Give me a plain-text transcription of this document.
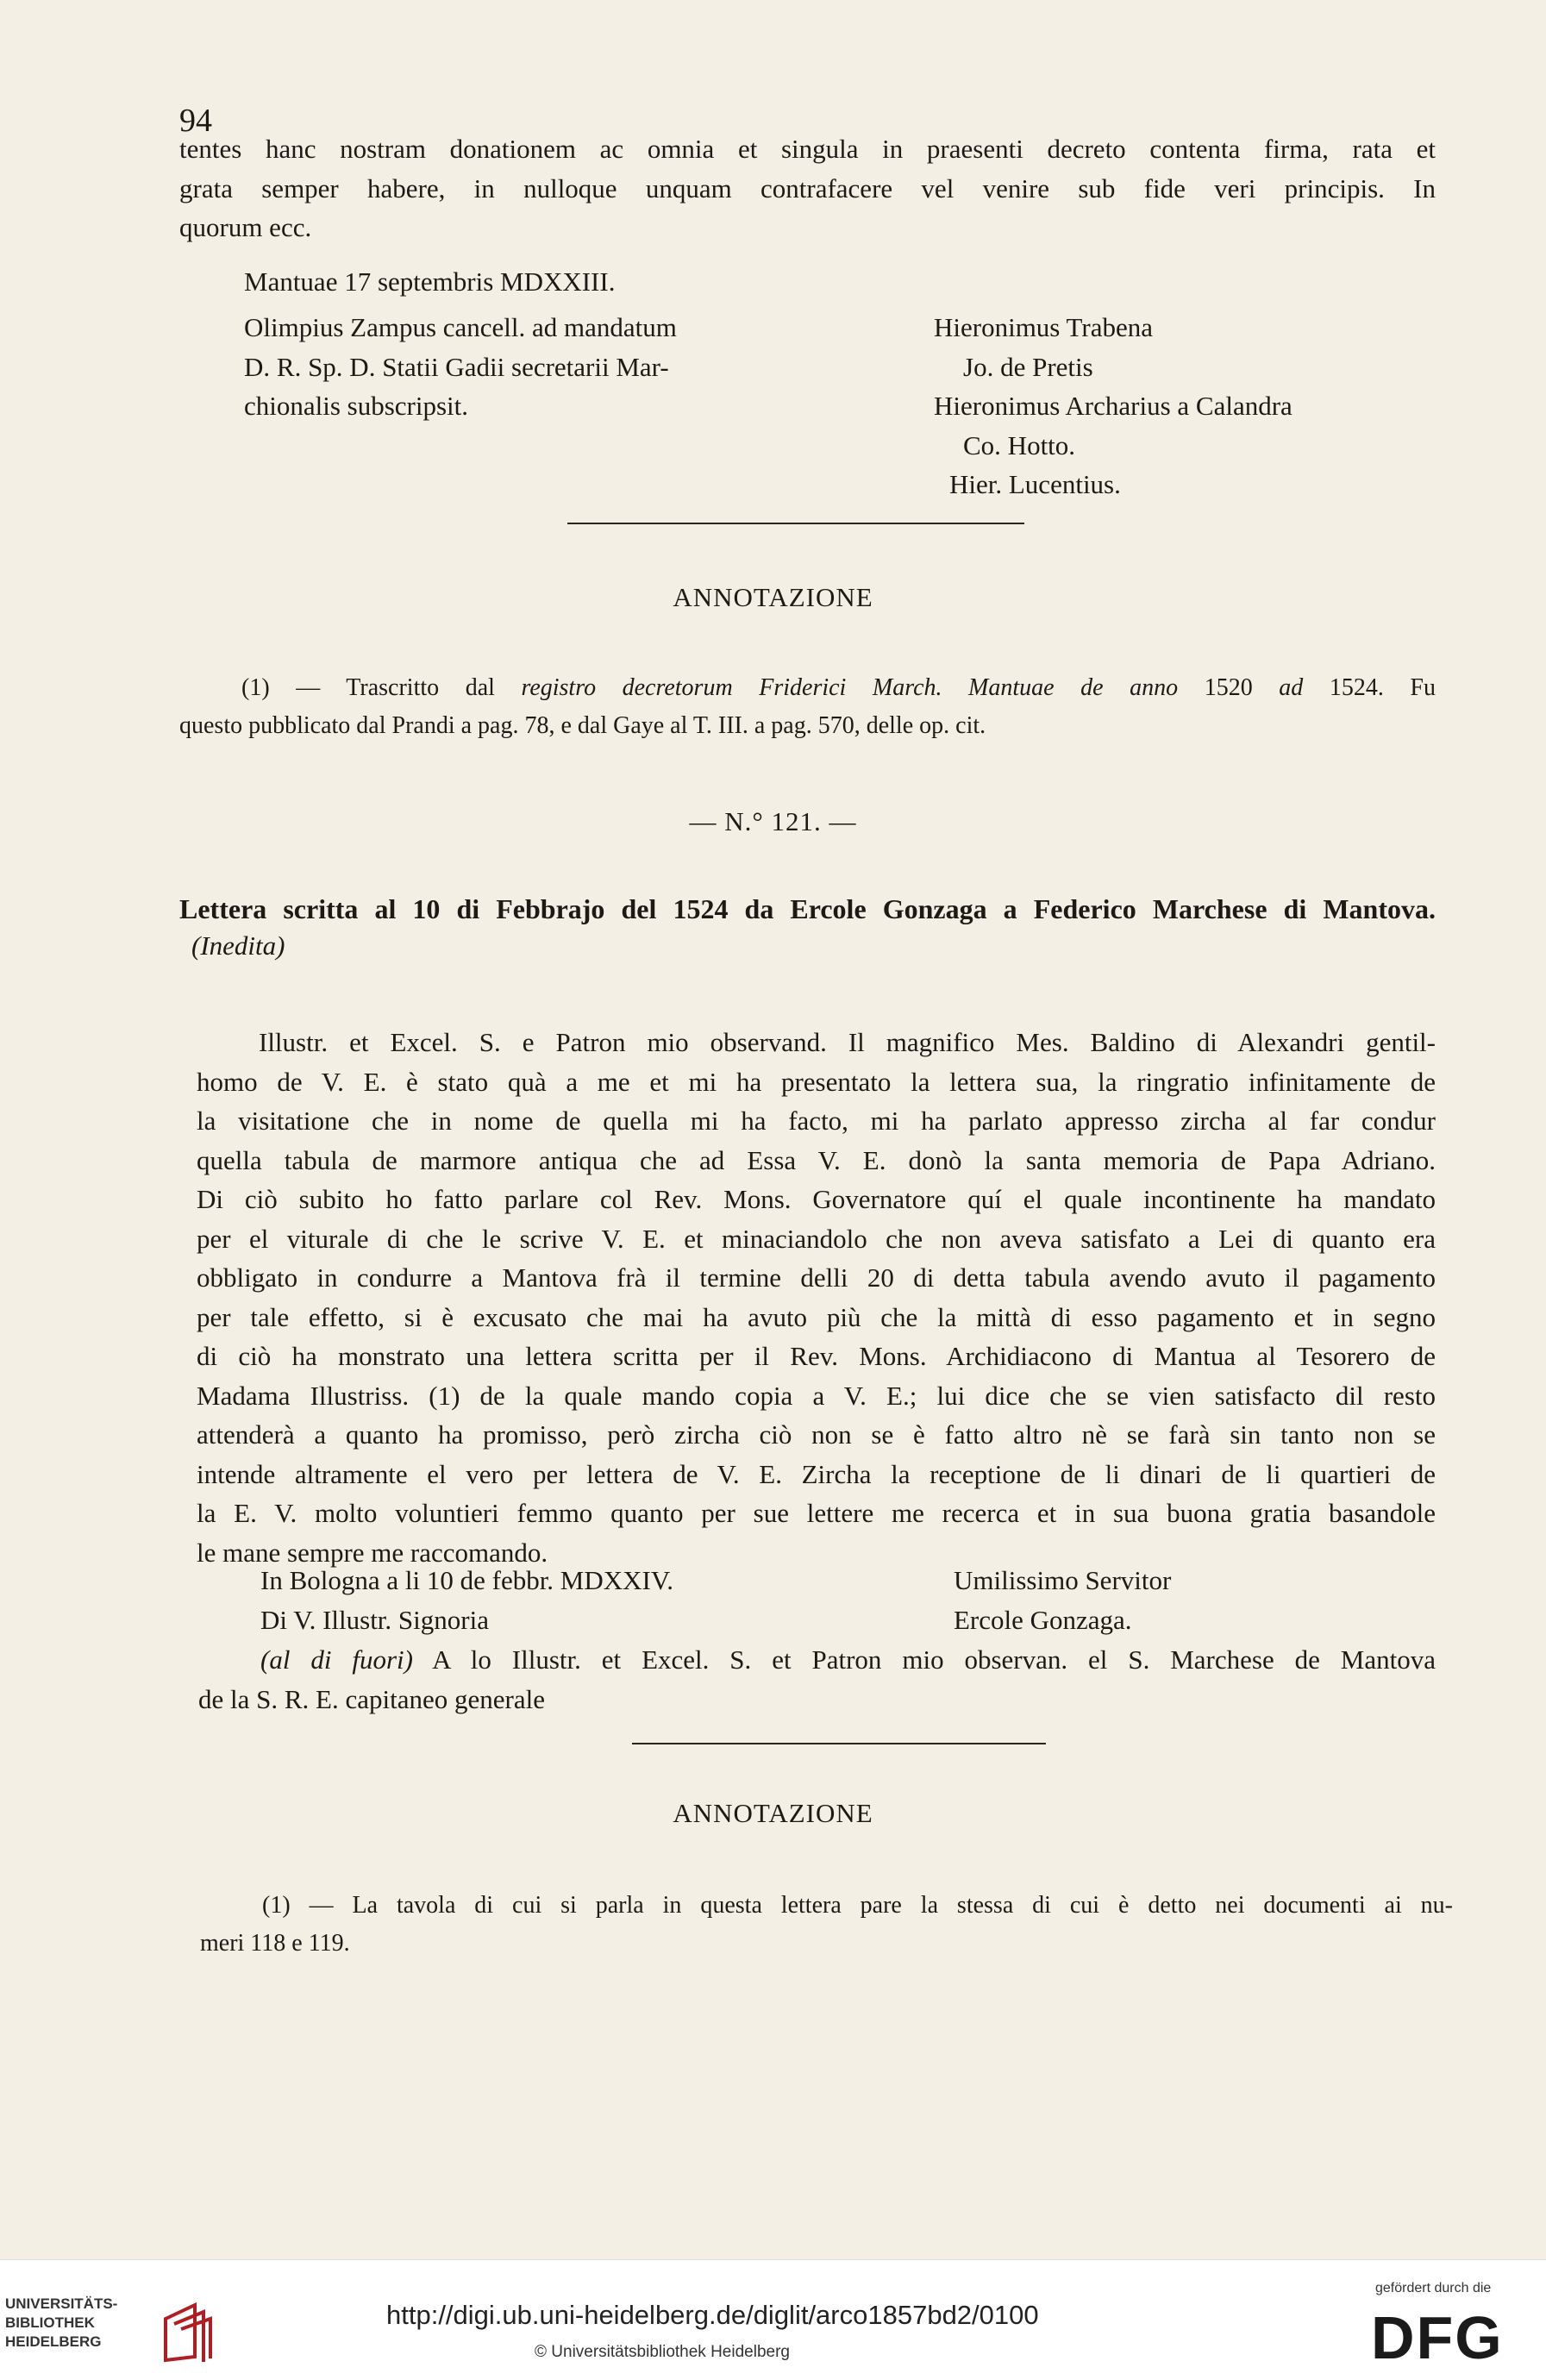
94
tentes hanc nostram donationem ac omnia et singula in praesenti decreto contenta firma, rata et
grata semper habere, in nulloque unquam contrafacere vel venire sub fide veri principis. In
quorum ecc.
Mantuae 17 septembris MDXXIII.
Olimpius Zampus cancell. ad mandatum
D. R. Sp. D. Statii Gadii secretarii Mar-
chionalis subscripsit.
Hieronimus Trabena
Jo. de Pretis
Hieronimus Archarius a Calandra
Co. Hotto.
Hier. Lucentius.
ANNOTAZIONE
(1) — Trascritto dal registro decretorum Friderici March. Mantuae de anno 1520 ad 1524. Fu
questo pubblicato dal Prandi a pag. 78, e dal Gaye al T. III. a pag. 570, delle op. cit.
— N.° 121. —
Lettera scritta al 10 di Febbrajo del 1524 da Ercole Gonzaga a Federico Marchese di Mantova.
(Inedita)
Illustr. et Excel. S. e Patron mio observand. Il magnifico Mes. Baldino di Alexandri gentil-
homo de V. E. è stato quà a me et mi ha presentato la lettera sua, la ringratio infinitamente de
la visitatione che in nome de quella mi ha facto, mi ha parlato appresso zircha al far condur
quella tabula de marmore antiqua che ad Essa V. E. donò la santa memoria de Papa Adriano.
Di ciò subito ho fatto parlare col Rev. Mons. Governatore quí el quale incontinente ha mandato
per el viturale di che le scrive V. E. et minaciandolo che non aveva satisfato a Lei di quanto era
obbligato in condurre a Mantova frà il termine delli 20 di detta tabula avendo avuto il pagamento
per tale effetto, si è excusato che mai ha avuto più che la mittà di esso pagamento et in segno
di ciò ha monstrato una lettera scritta per il Rev. Mons. Archidiacono di Mantua al Tesorero de
Madama Illustriss. (1) de la quale mando copia a V. E.; lui dice che se vien satisfacto dil resto
attenderà a quanto ha promisso, però zircha ciò non se è fatto altro nè se farà sin tanto non se
intende altramente el vero per lettera de V. E. Zircha la receptione de li dinari de li quartieri de
la E. V. molto voluntieri femmo quanto per sue lettere me recerca et in sua buona gratia basandole
le mane sempre me raccomando.
In Bologna a li 10 de febbr. MDXXIV.
Di V. Illustr. Signoria
Umilissimo Servitor
Ercole Gonzaga.
(al di fuori) A lo Illustr. et Excel. S. et Patron mio observan. el S. Marchese de Mantova
de la S. R. E. capitaneo generale
ANNOTAZIONE
(1) — La tavola di cui si parla in questa lettera pare la stessa di cui è detto nei documenti ai nu-
meri 118 e 119.
UNIVERSITÄTS-
BIBLIOTHEK
HEIDELBERG
http://digi.ub.uni-heidelberg.de/diglit/arco1857bd2/0100
© Universitätsbibliothek Heidelberg
gefördert durch die
DFG
